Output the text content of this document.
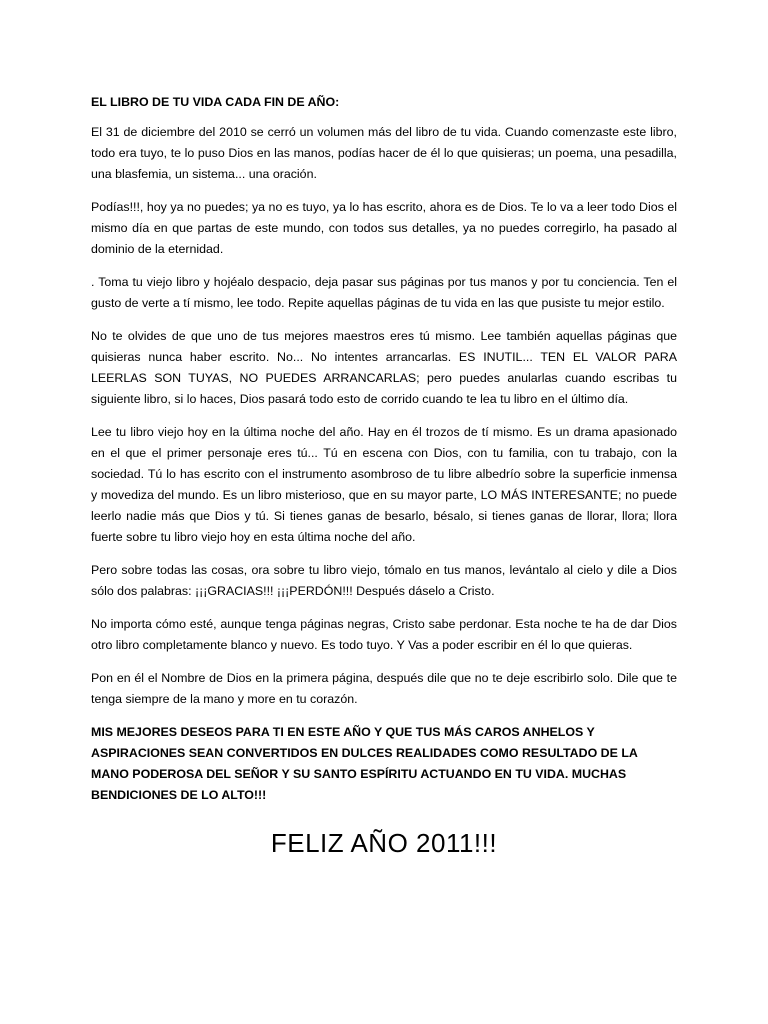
EL LIBRO DE TU VIDA CADA FIN DE AÑO:

El 31 de diciembre del 2010 se cerró un volumen más del libro de tu vida. Cuando comenzaste este libro, todo era tuyo, te lo puso Dios en las manos, podías hacer de él lo que quisieras; un poema, una pesadilla, una blasfemia, un sistema... una oración.

Podías!!!, hoy ya no puedes; ya no es tuyo, ya lo has escrito, ahora es de Dios. Te lo va a leer todo Dios el mismo día en que partas de este mundo, con todos sus detalles, ya no puedes corregirlo, ha pasado al dominio de la eternidad.

. Toma tu viejo libro y hojéalo despacio, deja pasar sus páginas por tus manos y por tu conciencia. Ten el gusto de verte a tí mismo, lee todo. Repite aquellas páginas de tu vida en las que pusiste tu mejor estilo.

No te olvides de que uno de tus mejores maestros eres tú mismo. Lee también aquellas páginas que quisieras nunca haber escrito. No... No intentes arrancarlas. ES INUTIL... TEN EL VALOR PARA LEERLAS SON TUYAS, NO PUEDES ARRANCARLAS; pero puedes anularlas cuando escribas tu siguiente libro, si lo haces, Dios pasará todo esto de corrido cuando te lea tu libro en el último día.

Lee tu libro viejo hoy en la última noche del año. Hay en él trozos de tí mismo. Es un drama apasionado en el que el primer personaje eres tú... Tú en escena con Dios, con tu familia, con tu trabajo, con la sociedad. Tú lo has escrito con el instrumento asombroso de tu libre albedrío sobre la superficie inmensa y movediza del mundo. Es un libro misterioso, que en su mayor parte, LO MÁS INTERESANTE; no puede leerlo nadie más que Dios y tú. Si tienes ganas de besarlo, bésalo, si tienes ganas de llorar, llora; llora fuerte sobre tu libro viejo hoy en esta última noche del año.

Pero sobre todas las cosas, ora sobre tu libro viejo, tómalo en tus manos, levántalo al cielo y dile a Dios sólo dos palabras: ¡¡¡GRACIAS!!! ¡¡¡PERDÓN!!! Después dáselo a Cristo.

No importa cómo esté, aunque tenga páginas negras, Cristo sabe perdonar. Esta noche te ha de dar Dios otro libro completamente blanco y nuevo. Es todo tuyo. Y Vas a poder escribir en él lo que quieras.

Pon en él el Nombre de Dios en la primera página, después dile que no te deje escribirlo solo. Dile que te tenga siempre de la mano y more en tu corazón.

MIS MEJORES DESEOS PARA TI EN ESTE AÑO Y QUE TUS MÁS CAROS ANHELOS Y ASPIRACIONES SEAN CONVERTIDOS EN DULCES REALIDADES COMO RESULTADO DE LA MANO PODEROSA DEL SEÑOR Y SU SANTO ESPÍRITU ACTUANDO EN TU VIDA. MUCHAS BENDICIONES DE LO ALTO!!!

FELIZ AÑO 2011!!!
